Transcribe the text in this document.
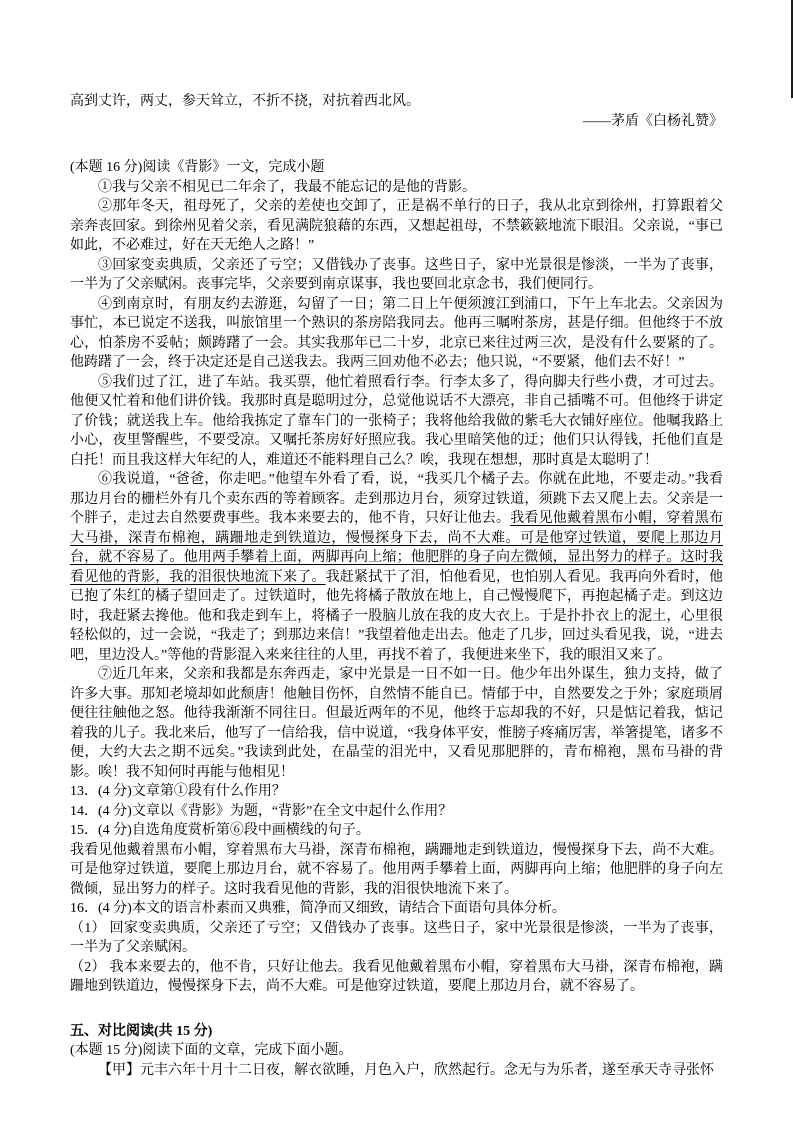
高到丈许，两丈，参天耸立，不折不挠，对抗着西北风。
——茅盾《白杨礼赞》
(本题 16 分)阅读《背影》一文，完成小题
①我与父亲不相见已二年余了，我最不能忘记的是他的背影。
②那年冬天，祖母死了，父亲的差使也交卸了，正是祸不单行的日子，我从北京到徐州，打算跟着父亲奔丧回家。到徐州见着父亲，看见满院狼藉的东西，又想起祖母，不禁簌簌地流下眼泪。父亲说，“事已如此，不必难过，好在天无绝人之路！”
③回家变卖典质，父亲还了亏空；又借钱办了丧事。这些日子，家中光景很是惨淡，一半为了丧事，一半为了父亲赋闲。丧事完毕，父亲要到南京谋事，我也要回北京念书，我们便同行。
④到南京时，有朋友约去游逛，勾留了一日；第二日上午便须渡江到浦口，下午上车北去。父亲因为事忙，本已说定不送我，叫旅馆里一个熟识的茶房陪我同去。他再三嘱咐茶房，甚是仔细。但他终于不放心，怕茶房不妥帖；颇踌躇了一会。其实我那年已二十岁，北京已来往过两三次，是没有什么要紧的了。他踌躇了一会，终于决定还是自己送我去。我两三回劝他不必去；他只说，“不要紧，他们去不好！”
⑤我们过了江，进了车站。我买票，他忙着照看行李。行李太多了，得向脚夫行些小费，才可过去。他便又忙着和他们讲价钱。我那时真是聪明过分，总觉他说话不大漂亮，非自己插嘴不可。但他终于讲定了价钱；就送我上车。他给我拣定了靠车门的一张椅子；我将他给我做的紫毛大衣铺好座位。他嘱我路上小心，夜里警醒些，不要受凉。又嘱托茶房好好照应我。我心里暗笑他的迂；他们只认得钱，托他们直是白托！而且我这样大年纪的人，难道还不能料理自己么？唉，我现在想想，那时真是太聪明了！
⑥我说道，“爸爸，你走吧。”他望车外看了看，说，“我买几个橘子去。你就在此地，不要走动。”我看那边月台的栅栏外有几个卖东西的等着顾客。走到那边月台，须穿过铁道，须跳下去又爬上去。父亲是一个胖子，走过去自然要费事些。我本来要去的，他不肯，只好让他去。我看见他戴着黑布小帽，穿着黑布大马褂，深青布棉袍，蹒跚地走到铁道边，慢慢探身下去，尚不大难。可是他穿过铁道，要爬上那边月台，就不容易了。他用两手攀着上面，两脚再向上缩；他肥胖的身子向左微倾，显出努力的样子。这时我看见他的背影，我的泪很快地流下来了。我赶紧拭干了泪，怕他看见，也怕别人看见。我再向外看时，他已抱了朱红的橘子望回走了。过铁道时，他先将橘子散放在地上，自己慢慢爬下，再抱起橘子走。到这边时，我赶紧去搀他。他和我走到车上，将橘子一股脑儿放在我的皮大衣上。于是扑扑衣上的泥土，心里很轻松似的，过一会说，“我走了；到那边来信！”我望着他走出去。他走了几步，回过头看见我，说，“进去吧，里边没人。”等他的背影混入来来往往的人里，再找不着了，我便进来坐下，我的眼泪又来了。
⑦近几年来，父亲和我都是东奔西走，家中光景是一日不如一日。他少年出外谋生，独力支持，做了许多大事。那知老境却如此颓唐！他触目伤怀，自然情不能自已。情郁于中，自然要发之于外；家庭琐屑便往往触他之怒。他待我渐渐不同往日。但最近两年的不见，他终于忘却我的不好，只是惦记着我，惦记着我的儿子。我北来后，他写了一信给我，信中说道，“我身体平安，惟膀子疼痛厉害，举箸提笔，诸多不便，大约大去之期不远矣。”我读到此处，在晶莹的泪光中，又看见那肥胖的，青布棉袍，黑布马褂的背影。唉！我不知何时再能与他相见！
13．(4 分)文章第①段有什么作用？
14．(4 分)文章以《背影》为题，“背影”在全文中起什么作用？
15．(4 分)自选角度赏析第⑥段中画横线的句子。
我看见他戴着黑布小帽，穿着黑布大马褂，深青布棉袍，蹒跚地走到铁道边，慢慢探身下去，尚不大难。可是他穿过铁道，要爬上那边月台，就不容易了。他用两手攀着上面，两脚再向上缩；他肥胖的身子向左微倾，显出努力的样子。这时我看见他的背影，我的泪很快地流下来了。
16．(4 分)本文的语言朴素而又典雅，简净而又细致，请结合下面语句具体分析。
（1） 回家变卖典质，父亲还了亏空；又借钱办了丧事。这些日子，家中光景很是惨淡，一半为了丧事，一半为了父亲赋闲。
（2） 我本来要去的，他不肯，只好让他去。我看见他戴着黑布小帽，穿着黑布大马褂，深青布棉袍，蹒跚地到铁道边，慢慢探身下去，尚不大难。可是他穿过铁道，要爬上那边月台，就不容易了。
五、对比阅读(共 15 分)
(本题 15 分)阅读下面的文章，完成下面小题。
【甲】元丰六年十月十二日夜，解衣欲睡，月色入户，欣然起行。念无与为乐者，遂至承天寺寻张怀
